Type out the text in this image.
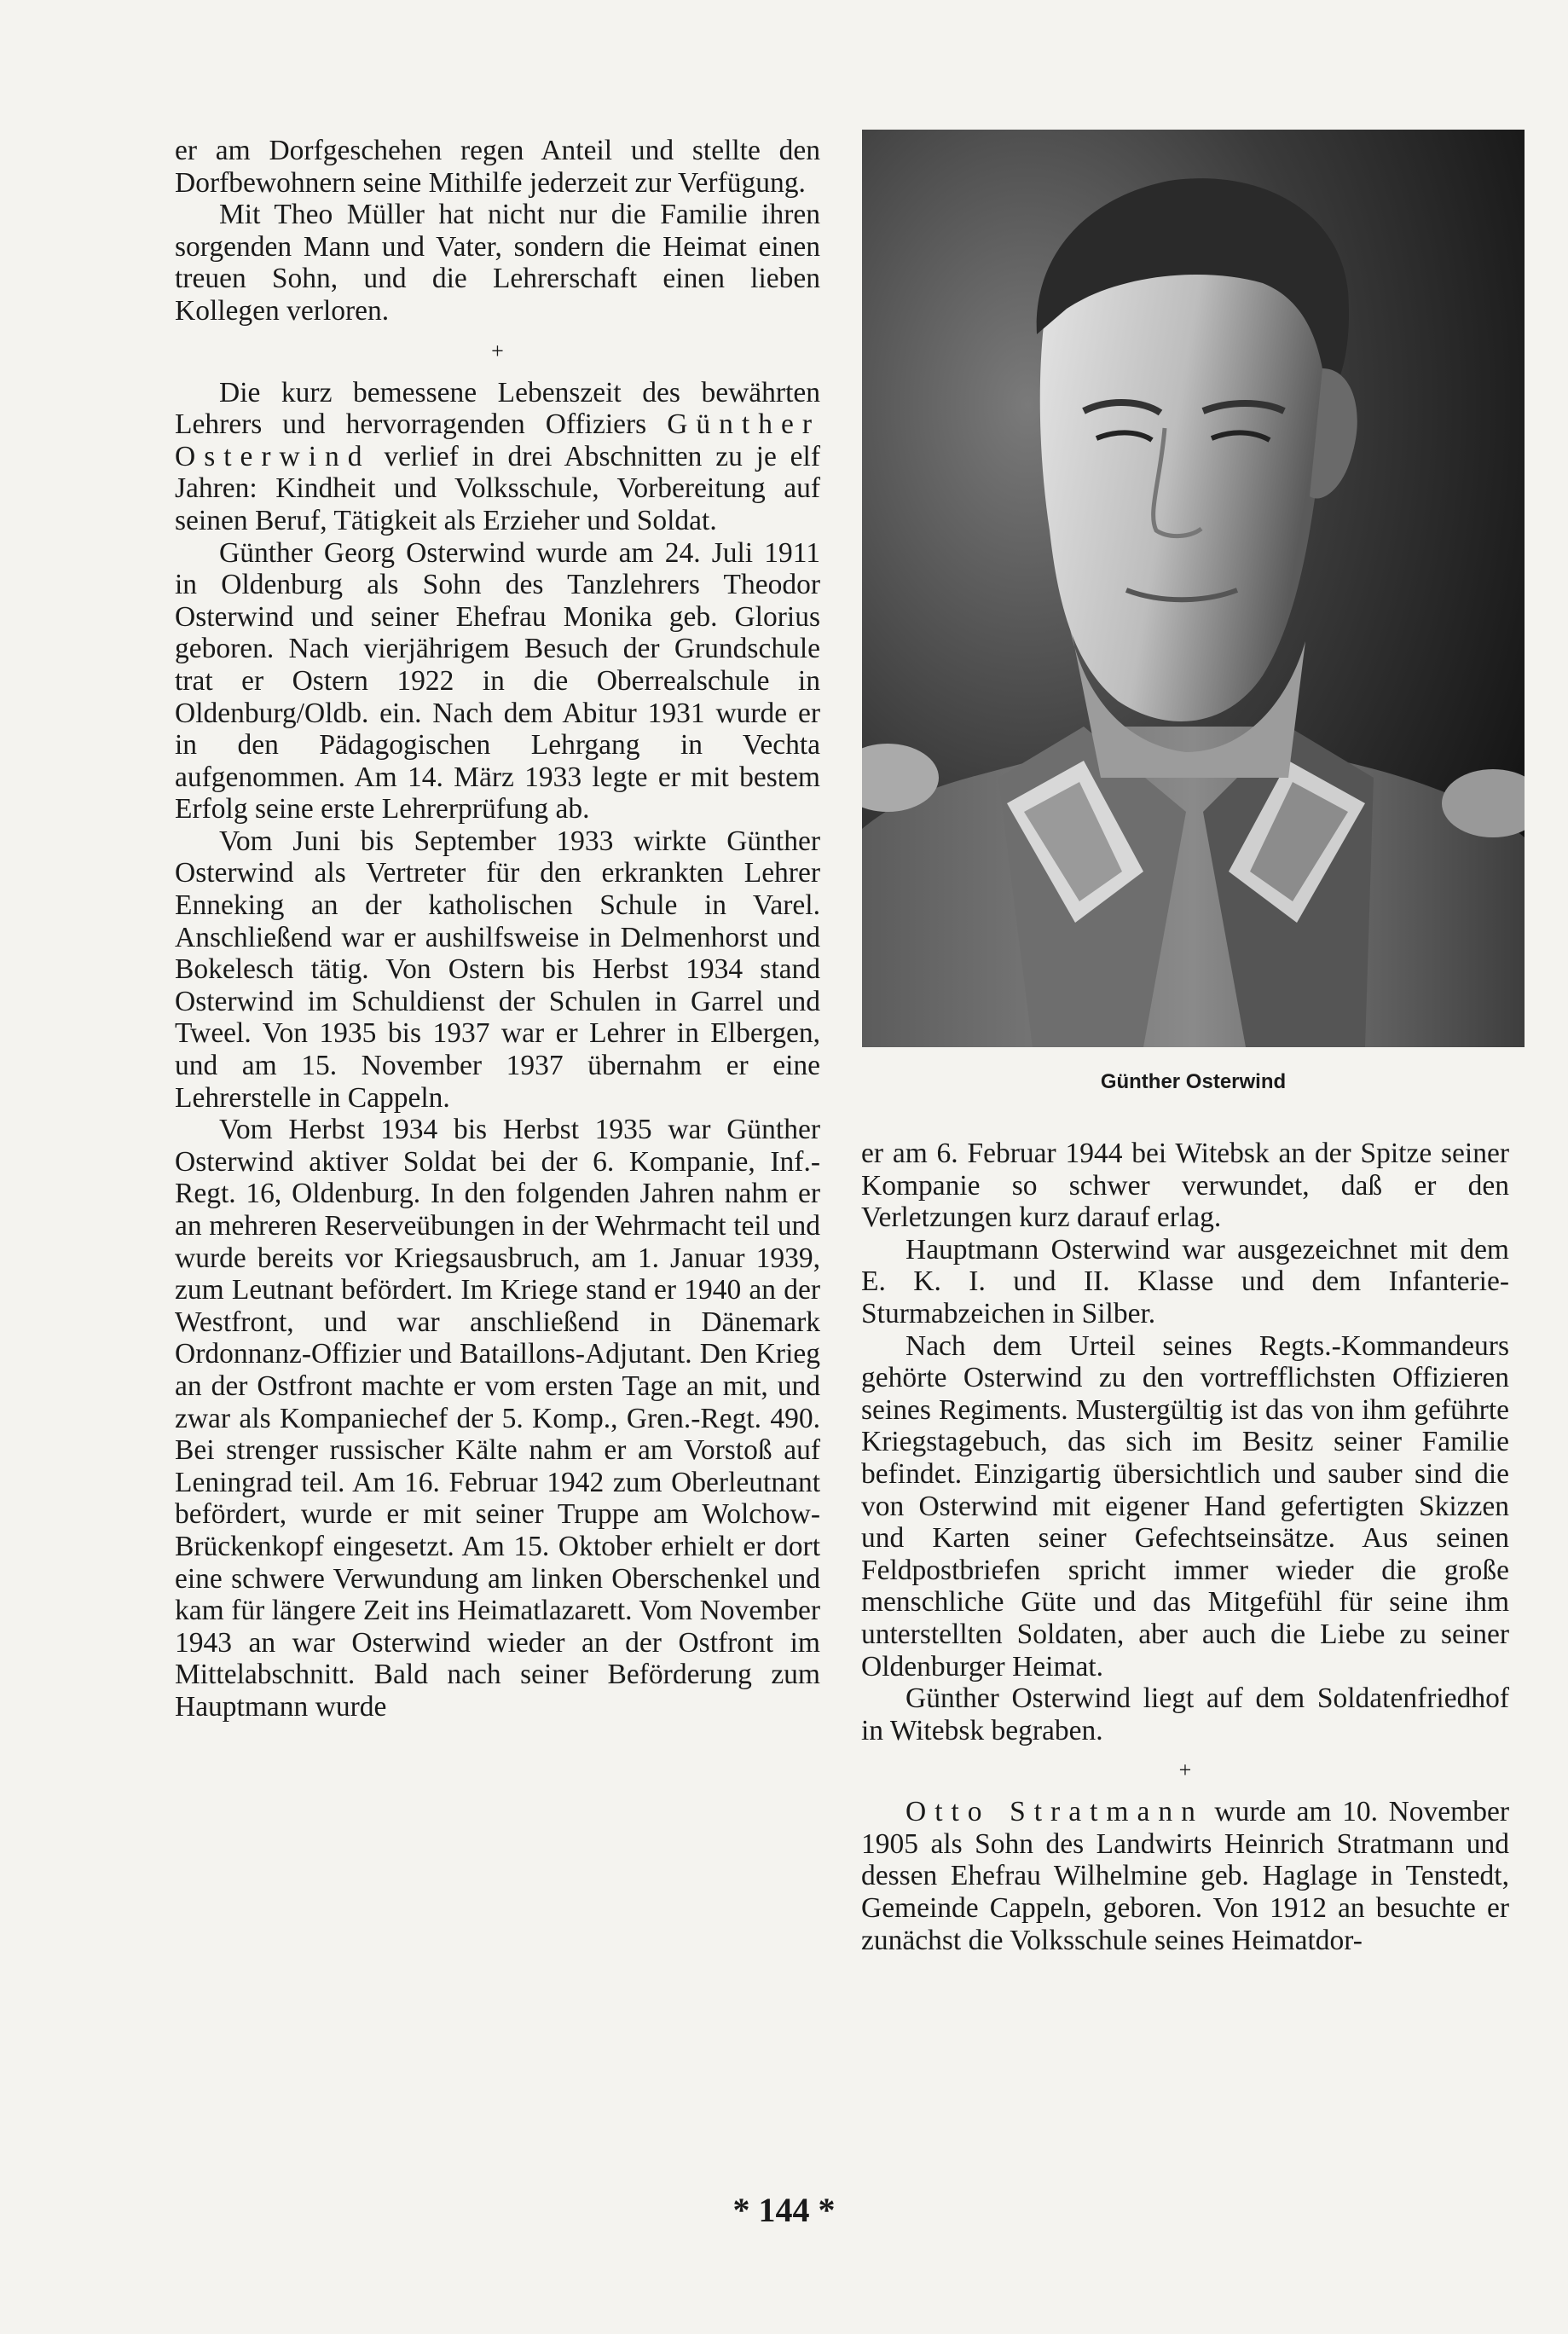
er am Dorfgeschehen regen Anteil und stellte den Dorfbewohnern seine Mithilfe jederzeit zur Verfügung.

Mit Theo Müller hat nicht nur die Familie ihren sorgenden Mann und Vater, sondern die Heimat einen treuen Sohn, und die Lehrerschaft einen lieben Kollegen verloren.

+

Die kurz bemessene Lebenszeit des bewährten Lehrers und hervorragenden Offiziers Günther Osterwind verlief in drei Abschnitten zu je elf Jahren: Kindheit und Volksschule, Vorbereitung auf seinen Beruf, Tätigkeit als Erzieher und Soldat.

Günther Georg Osterwind wurde am 24. Juli 1911 in Oldenburg als Sohn des Tanzlehrers Theodor Osterwind und seiner Ehefrau Monika geb. Glorius geboren. Nach vierjährigem Besuch der Grundschule trat er Ostern 1922 in die Oberrealschule in Oldenburg/Oldb. ein. Nach dem Abitur 1931 wurde er in den Pädagogischen Lehrgang in Vechta aufgenommen. Am 14. März 1933 legte er mit bestem Erfolg seine erste Lehrerprüfung ab.

Vom Juni bis September 1933 wirkte Günther Osterwind als Vertreter für den erkrankten Lehrer Enneking an der katholischen Schule in Varel. Anschließend war er aushilfsweise in Delmenhorst und Bokelesch tätig. Von Ostern bis Herbst 1934 stand Osterwind im Schuldienst der Schulen in Garrel und Tweel. Von 1935 bis 1937 war er Lehrer in Elbergen, und am 15. November 1937 übernahm er eine Lehrerstelle in Cappeln.

Vom Herbst 1934 bis Herbst 1935 war Günther Osterwind aktiver Soldat bei der 6. Kompanie, Inf.-Regt. 16, Oldenburg. In den folgenden Jahren nahm er an mehreren Reserveübungen in der Wehrmacht teil und wurde bereits vor Kriegsausbruch, am 1. Januar 1939, zum Leutnant befördert. Im Kriege stand er 1940 an der Westfront, und war anschließend in Dänemark Ordonnanz-Offizier und Bataillons-Adjutant. Den Krieg an der Ostfront machte er vom ersten Tage an mit, und zwar als Kompaniechef der 5. Komp., Gren.-Regt. 490. Bei strenger russischer Kälte nahm er am Vorstoß auf Leningrad teil. Am 16. Februar 1942 zum Oberleutnant befördert, wurde er mit seiner Truppe am Wolchow-Brückenkopf eingesetzt. Am 15. Oktober erhielt er dort eine schwere Verwundung am linken Oberschenkel und kam für längere Zeit ins Heimatlazarett. Vom November 1943 an war Osterwind wieder an der Ostfront im Mittelabschnitt. Bald nach seiner Beförderung zum Hauptmann wurde

Günther Osterwind

er am 6. Februar 1944 bei Witebsk an der Spitze seiner Kompanie so schwer verwundet, daß er den Verletzungen kurz darauf erlag.

Hauptmann Osterwind war ausgezeichnet mit dem E. K. I. und II. Klasse und dem Infanterie-Sturmabzeichen in Silber.

Nach dem Urteil seines Regts.-Kommandeurs gehörte Osterwind zu den vortrefflichsten Offizieren seines Regiments. Mustergültig ist das von ihm geführte Kriegstagebuch, das sich im Besitz seiner Familie befindet. Einzigartig übersichtlich und sauber sind die von Osterwind mit eigener Hand gefertigten Skizzen und Karten seiner Gefechtseinsätze. Aus seinen Feldpostbriefen spricht immer wieder die große menschliche Güte und das Mitgefühl für seine ihm unterstellten Soldaten, aber auch die Liebe zu seiner Oldenburger Heimat.

Günther Osterwind liegt auf dem Soldatenfriedhof in Witebsk begraben.

+

Otto Stratmann wurde am 10. November 1905 als Sohn des Landwirts Heinrich Stratmann und dessen Ehefrau Wilhelmine geb. Haglage in Tenstedt, Gemeinde Cappeln, geboren. Von 1912 an besuchte er zunächst die Volksschule seines Heimatdor-

* 144 *
